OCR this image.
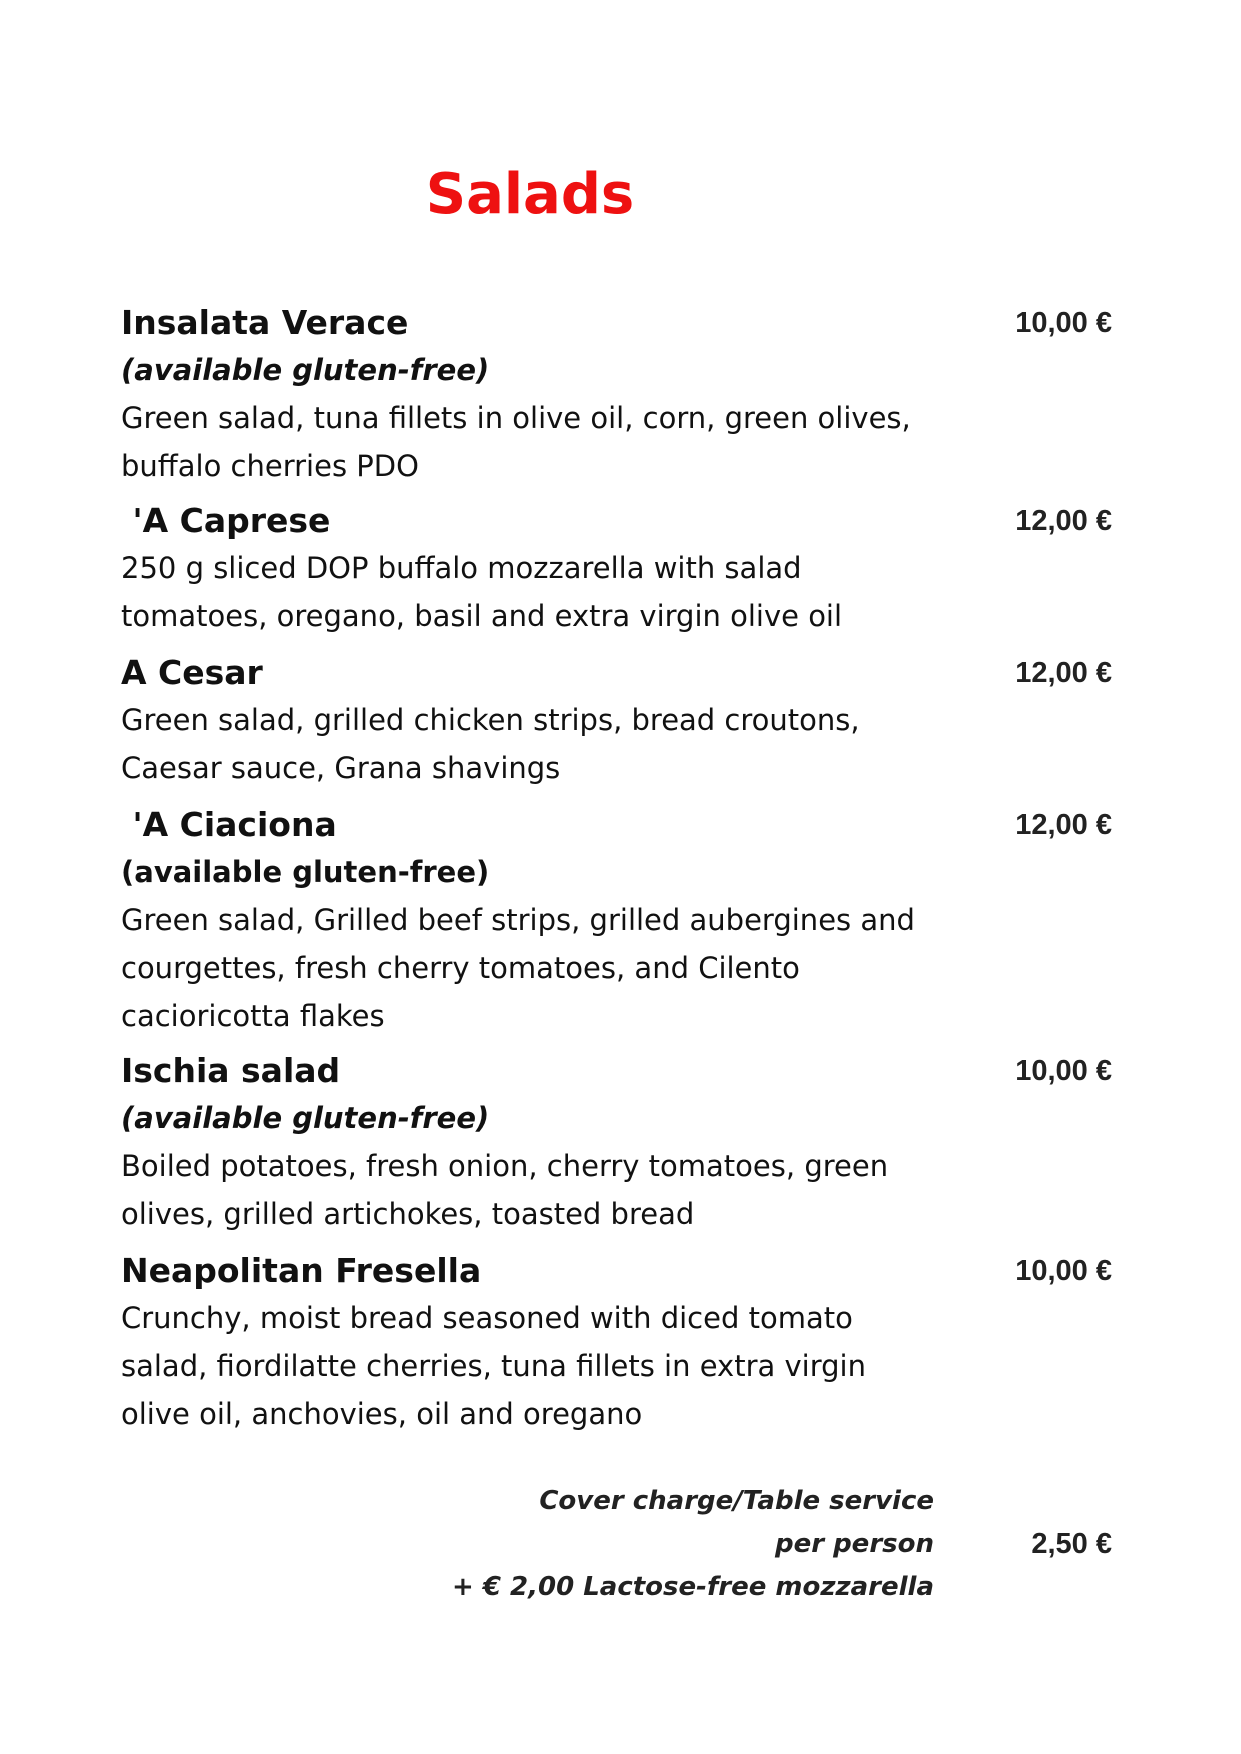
Salads
Insalata Verace	10,00 €
(available gluten-free)
Green salad, tuna fillets in olive oil, corn, green olives, buffalo cherries PDO
'A Caprese	12,00 €
250 g sliced DOP buffalo mozzarella with salad tomatoes, oregano, basil and extra virgin olive oil
A Cesar	12,00 €
Green salad, grilled chicken strips, bread croutons, Caesar sauce, Grana shavings
'A Ciaciona	12,00 €
(available gluten-free)
Green salad, Grilled beef strips, grilled aubergines and courgettes, fresh cherry tomatoes, and Cilento cacioricotta flakes
Ischia salad	10,00 €
(available gluten-free)
Boiled potatoes, fresh onion, cherry tomatoes, green olives, grilled artichokes, toasted bread
Neapolitan Fresella	10,00 €
Crunchy, moist bread seasoned with diced tomato salad, fiordilatte cherries, tuna fillets in extra virgin olive oil, anchovies, oil and oregano
Cover charge/Table service
per person
+ € 2,00 Lactose-free mozzarella
2,50 €
